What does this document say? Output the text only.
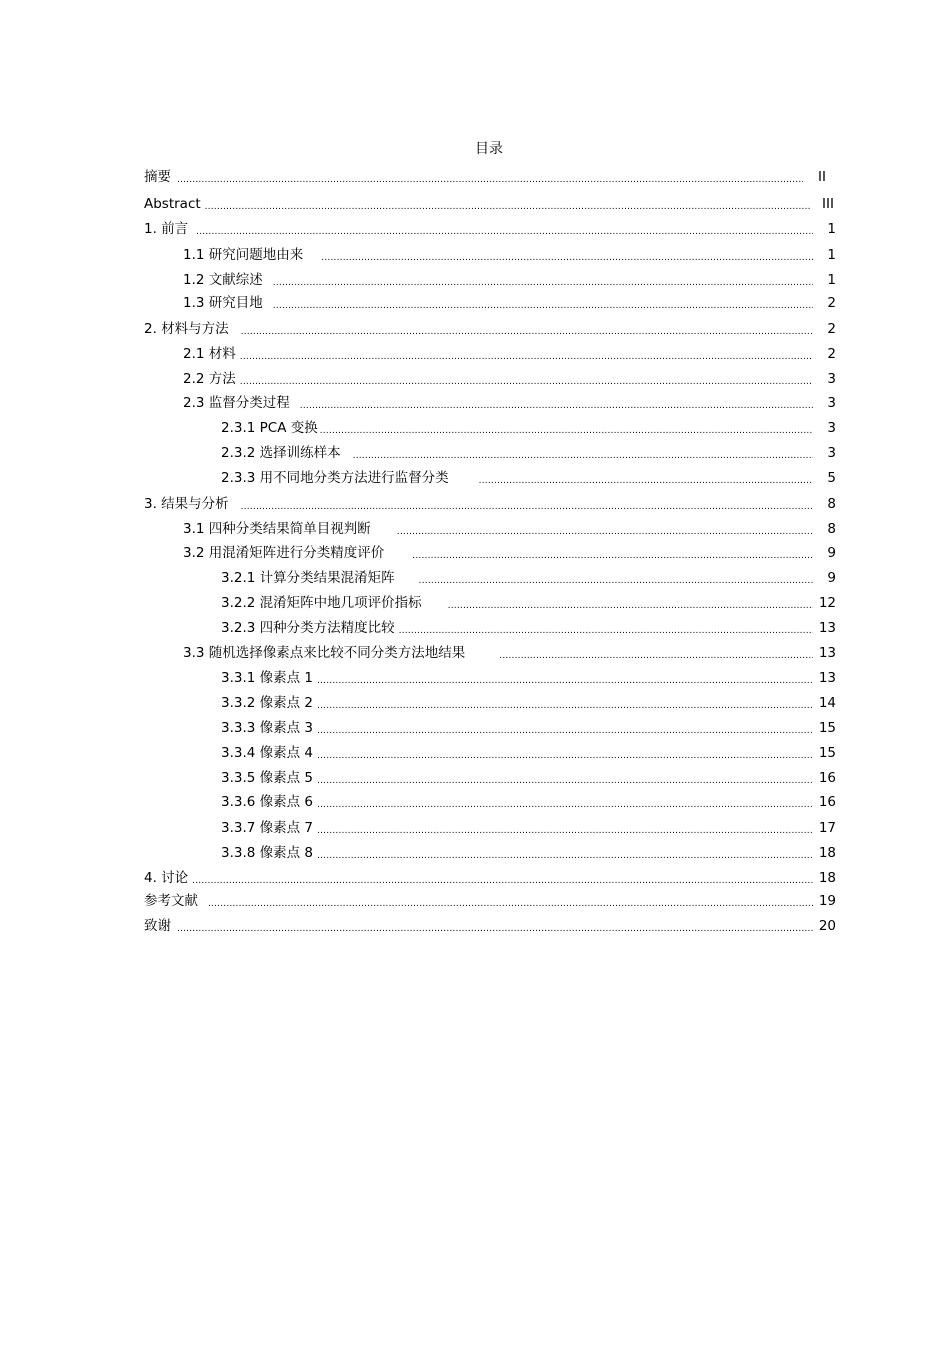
目录
摘要 .....	II
Abstract .....	III
1. 前言 .....	1
1.1 研究问题地由来 .....	1
1.2 文献综述 .....	1
1.3 研究目地 .....	2
2. 材料与方法 .....	2
2.1 材料 .....	2
2.2 方法 .....	3
2.3 监督分类过程 .....	3
2.3.1 PCA 变换 .....	3
2.3.2 选择训练样本 .....	3
2.3.3 用不同地分类方法进行监督分类 .....	5
3. 结果与分析 .....	8
3.1 四种分类结果简单目视判断 .....	8
3.2 用混淆矩阵进行分类精度评价 .....	9
3.2.1 计算分类结果混淆矩阵 .....	9
3.2.2 混淆矩阵中地几项评价指标 .....	12
3.2.3 四种分类方法精度比较 .....	13
3.3 随机选择像素点来比较不同分类方法地结果 .....	13
3.3.1 像素点 1 .....	13
3.3.2 像素点 2 .....	14
3.3.3 像素点 3 .....	15
3.3.4 像素点 4 .....	15
3.3.5 像素点 5 .....	16
3.3.6 像素点 6 .....	16
3.3.7 像素点 7 .....	17
3.3.8 像素点 8 .....	18
4. 讨论 .....	18
参考文献 .....	19
致谢 .....	20
